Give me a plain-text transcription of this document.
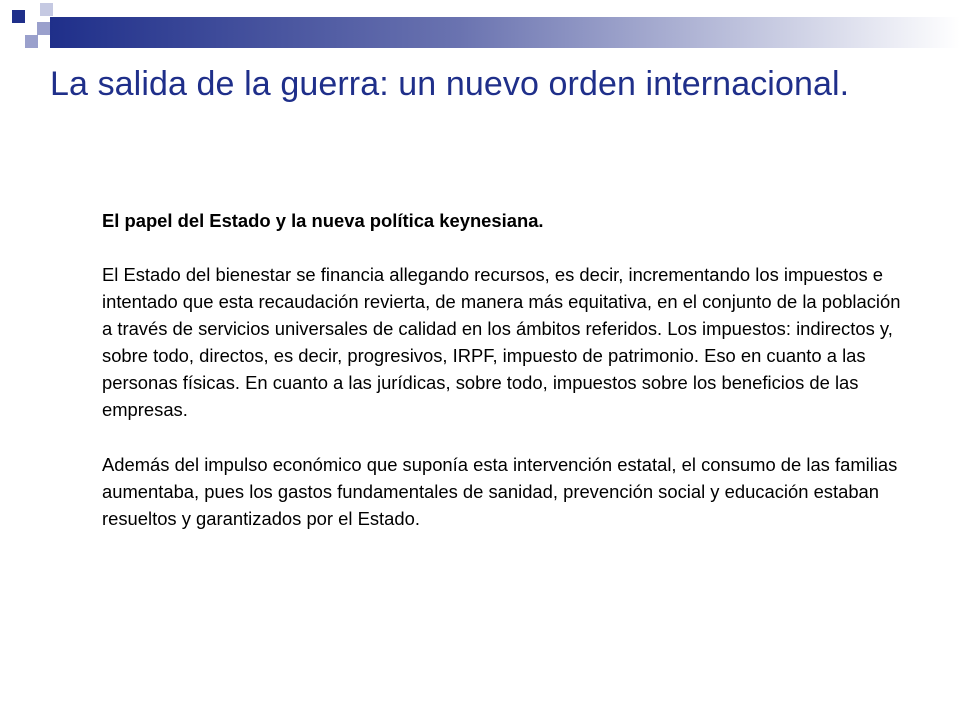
La salida de la guerra: un nuevo orden internacional.

El papel del Estado y la nueva política keynesiana.

El Estado del bienestar se financia allegando recursos, es decir, incrementando los impuestos e intentado que esta recaudación revierta, de manera más equitativa, en el conjunto de la población a través de servicios universales de calidad en los ámbitos referidos. Los impuestos: indirectos y, sobre todo, directos, es decir, progresivos, IRPF, impuesto de patrimonio. Eso en cuanto a las personas físicas. En cuanto a las jurídicas, sobre todo, impuestos sobre los beneficios de las empresas.

Además del impulso económico que suponía esta intervención estatal, el consumo de las familias aumentaba, pues los gastos fundamentales de sanidad, prevención social y educación estaban resueltos y garantizados por el Estado.
